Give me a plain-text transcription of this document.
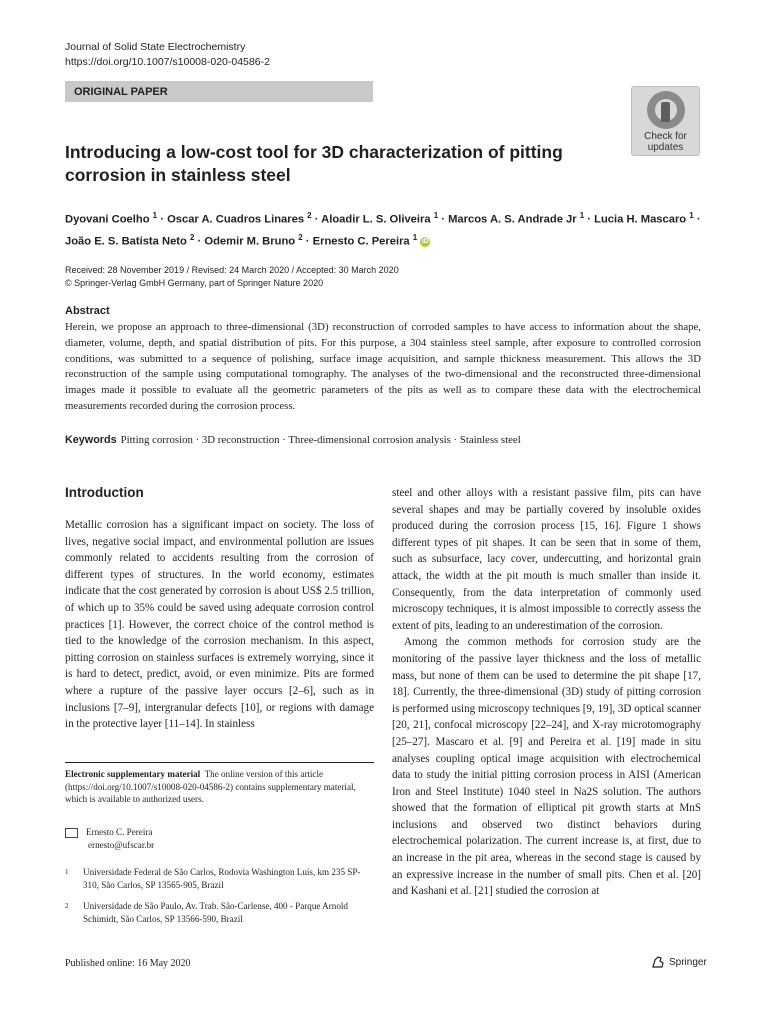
Journal of Solid State Electrochemistry
https://doi.org/10.1007/s10008-020-04586-2
ORIGINAL PAPER
Check for
updates
Introducing a low-cost tool for 3D characterization of pitting
corrosion in stainless steel
Dyovani Coelho $^1$ · Oscar A. Cuadros Linares $^2$ · Aloadir L. S. Oliveira $^1$ · Marcos A. S. Andrade Jr $^1$ · Lucia H. Mascaro $^1$ ·
João E. S. Batista Neto $^2$ · Odemir M. Bruno $^2$ · Ernesto C. Pereira $^1$ iD
Received: 28 November 2019 / Revised: 24 March 2020 / Accepted: 30 March 2020
© Springer-Verlag GmbH Germany, part of Springer Nature 2020
Abstract
Herein, we propose an approach to three-dimensional (3D) reconstruction of corroded samples to have access to information about the shape, diameter, volume, depth, and spatial distribution of pits. For this purpose, a 304 stainless steel sample, after exposure to controlled corrosion conditions, was submitted to a sequence of polishing, surface image acquisition, and sample thickness measurement. This allows the 3D reconstruction of the sample using computational tomography. The analyses of the two-dimensional and the reconstructed three-dimensional images made it possible to evaluate all the geometric parameters of the pits as well as to compare these data with the electrochemical measurements recorded during the corrosion process.
Keywords Pitting corrosion · 3D reconstruction · Three-dimensional corrosion analysis · Stainless steel
Introduction

Metallic corrosion has a significant impact on society. The loss of lives, negative social impact, and environmental pollution are issues commonly related to accidents resulting from the corrosion of different types of structures. In the world economy, estimates indicate that the cost generated by corrosion is about US$ 2.5 trillion, of which up to 35% could be saved using adequate corrosion control practices [1]. However, the correct choice of the control method is tied to the knowledge of the corrosion mechanism. In this aspect, pitting corrosion on stainless surfaces is extremely worrying, since it is hard to detect, predict, avoid, or even minimize. Pits are formed where a rupture of the passive layer occurs [2–6], such as in inclusions [7–9], intergranular defects [10], or regions with damage in the protective layer [11–14]. In stainless

steel and other alloys with a resistant passive film, pits can have several shapes and may be partially covered by insoluble oxides produced during the corrosion process [15, 16]. Figure 1 shows different types of pit shapes. It can be seen that in some of them, such as subsurface, lacy cover, undercutting, and horizontal grain attack, the width at the pit mouth is much smaller than inside it. Consequently, from the data interpretation of commonly used microscopy techniques, it is almost impossible to correctly assess the extent of pits, leading to an underestimation of the corrosion.

Among the common methods for corrosion study are the monitoring of the passive layer thickness and the loss of metallic mass, but none of them can be used to determine the pit shape [17, 18]. Currently, the three-dimensional (3D) study of pitting corrosion is performed using microscopy techniques [9, 19], 3D optical scanner [20, 21], confocal microscopy [22–24], and X-ray microtomography [25–27]. Mascaro et al. [9] and Pereira et al. [19] made in situ analyses coupling optical image acquisition with electrochemical data to study the initial pitting corrosion process in AISI (American Iron and Steel Institute) 1040 steel in Na2S solution. The authors showed that the formation of elliptical pit growth starts at MnS inclusions and observed two distinct behaviors during electrochemical polarization. The current increase is, at first, due to an increase in the pit area, whereas in the second stage is caused by an expressive increase in the number of small pits. Chen et al. [20] and Kashani et al. [21] studied the corrosion at

Electronic supplementary material The online version of this article (https://doi.org/10.1007/s10008-020-04586-2) contains supplementary material, which is available to authorized users.
Ernesto C. Pereira
ernesto@ufscar.br
1	Universidade Federal de São Carlos, Rodovia Washington Luís, km 235 SP-310, São Carlos, SP 13565-905, Brazil
2	Universidade de São Paulo, Av. Trab. São-Carlense, 400 - Parque Arnold Schimidt, São Carlos, SP 13566-590, Brazil
Published online: 16 May 2020	Springer
